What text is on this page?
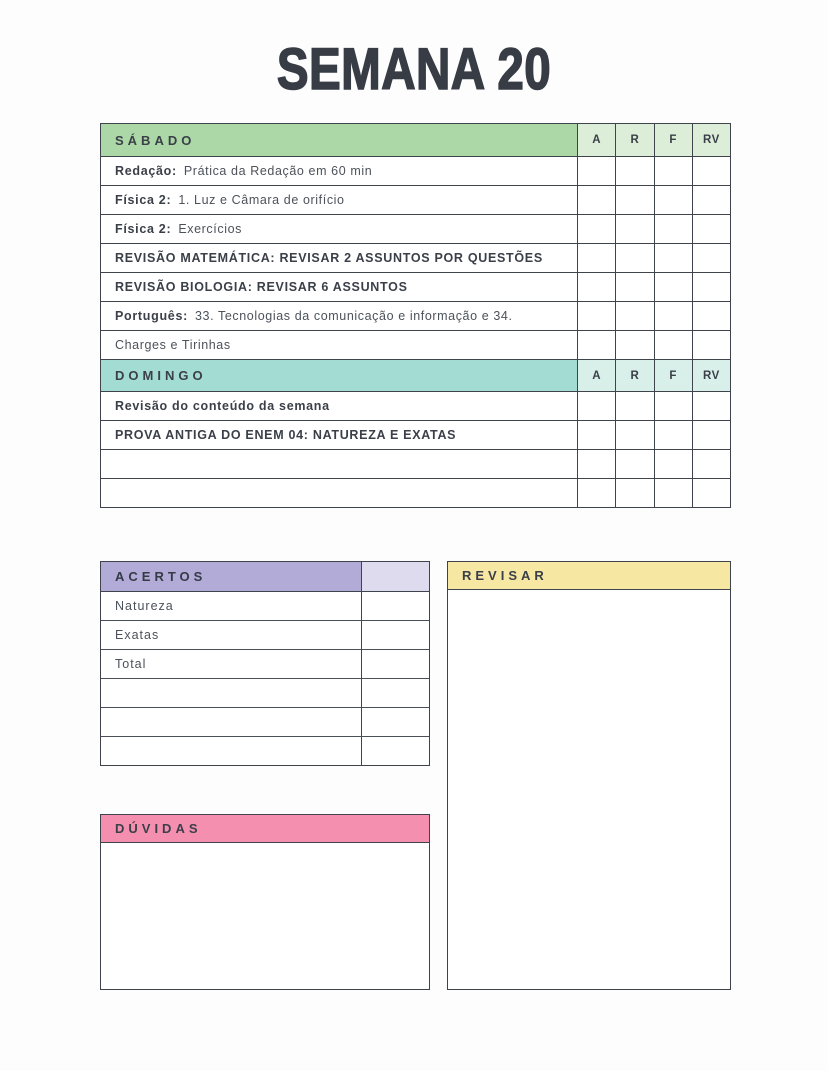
SEMANA 20
SÁBADO	A	R	F	RV
Redação: Prática da Redação em 60 min
Física 2: 1. Luz e Câmara de orifício
Física 2: Exercícios
REVISÃO MATEMÁTICA: REVISAR 2 ASSUNTOS POR QUESTÕES
REVISÃO BIOLOGIA: REVISAR 6 ASSUNTOS
Português: 33. Tecnologias da comunicação e informação e 34.
Charges e Tirinhas
DOMINGO	A	R	F	RV
Revisão do conteúdo da semana
PROVA ANTIGA DO ENEM 04: NATUREZA E EXATAS
ACERTOS
Natureza
Exatas
Total
REVISAR
DÚVIDAS
